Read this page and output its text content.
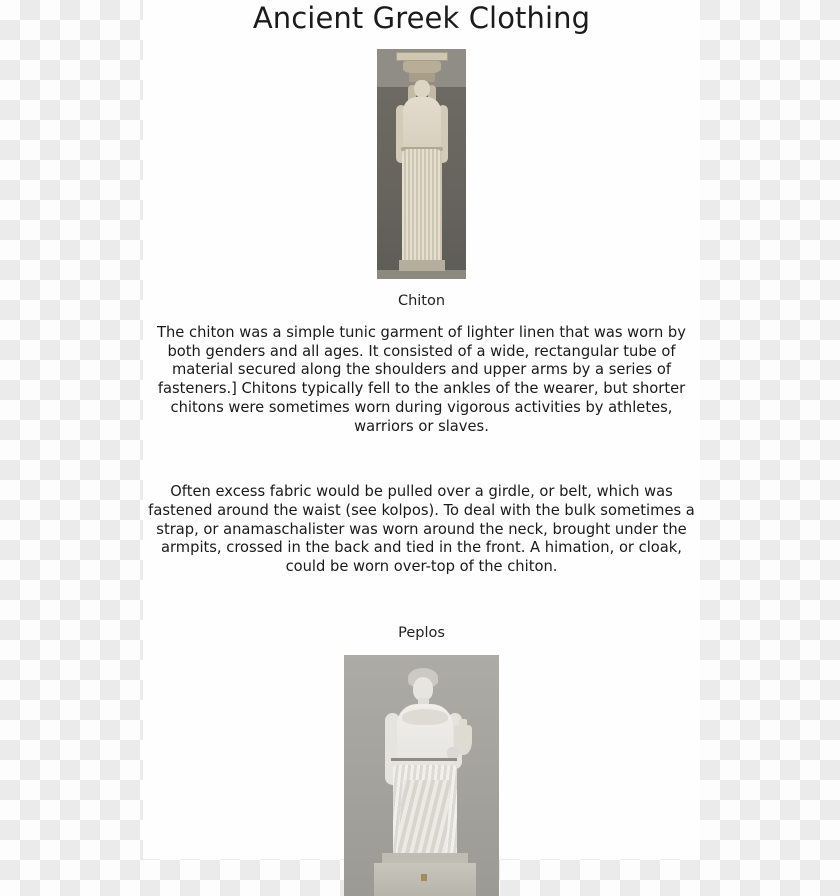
Ancient Greek Clothing

Chiton

The chiton was a simple tunic garment of lighter linen that was worn by both genders and all ages. It consisted of a wide, rectangular tube of material secured along the shoulders and upper arms by a series of fasteners.] Chitons typically fell to the ankles of the wearer, but shorter chitons were sometimes worn during vigorous activities by athletes, warriors or slaves.

Often excess fabric would be pulled over a girdle, or belt, which was fastened around the waist (see kolpos). To deal with the bulk sometimes a strap, or anamaschalister was worn around the neck, brought under the armpits, crossed in the back and tied in the front. A himation, or cloak, could be worn over-top of the chiton.

Peplos
